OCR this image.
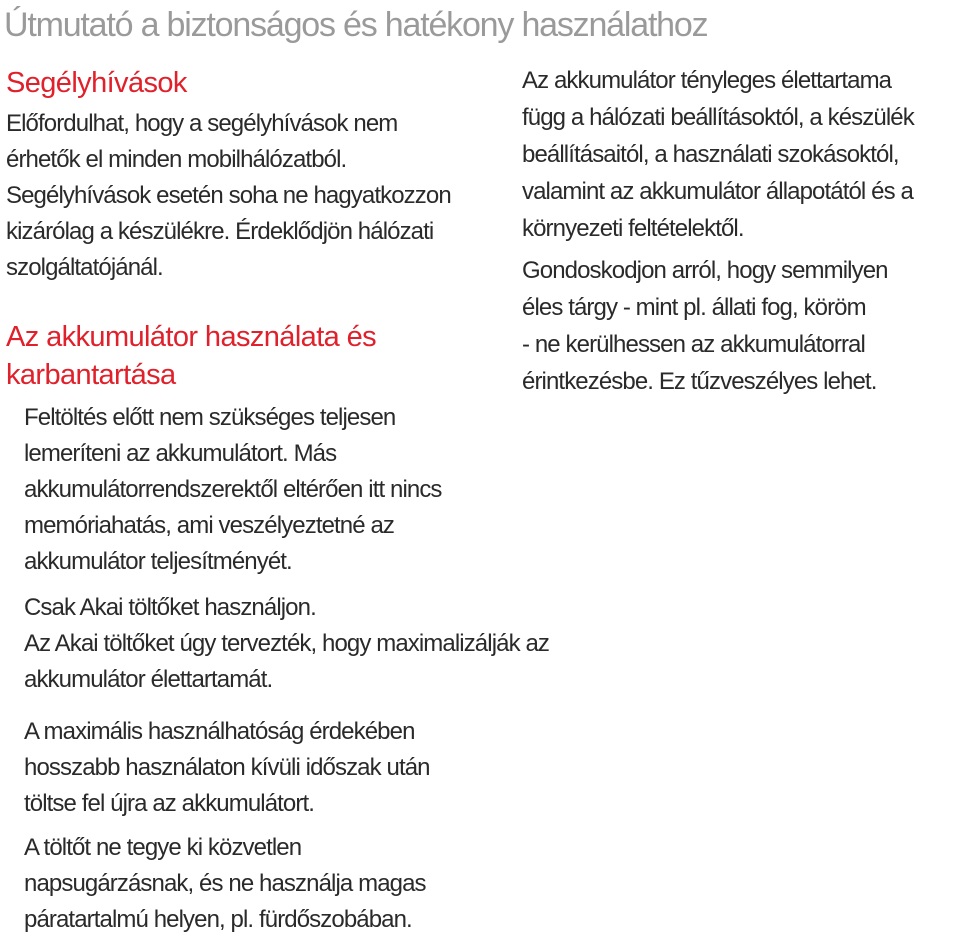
Útmutató a biztonságos és hatékony használathoz
Segélyhívások
Előfordulhat, hogy a segélyhívások nem
érhetők el minden mobilhálózatból.
Segélyhívások esetén soha ne hagyatkozzon
kizárólag a készülékre. Érdeklődjön hálózati
szolgáltatójánál.
Az akkumulátor használata és
karbantartása
Feltöltés előtt nem szükséges teljesen
lemeríteni az akkumulátort. Más
akkumulátorrendszerektől eltérően itt nincs
memóriahatás, ami veszélyeztetné az
akkumulátor teljesítményét.
Csak Akai töltőket használjon.
Az Akai töltőket úgy tervezték, hogy maximalizálják az
akkumulátor élettartamát.
A maximális használhatóság érdekében
hosszabb használaton kívüli időszak után
töltse fel újra az akkumulátort.
A töltőt ne tegye ki közvetlen
napsugárzásnak, és ne használja magas
páratartalmú helyen, pl. fürdőszobában.
Az akkumulátor tényleges élettartama
függ a hálózati beállításoktól, a készülék
beállításaitól, a használati szokásoktól,
valamint az akkumulátor állapotától és a
környezeti feltételektől.
Gondoskodjon arról, hogy semmilyen
éles tárgy - mint pl. állati fog, köröm
- ne kerülhessen az akkumulátorral
érintkezésbe. Ez tűzveszélyes lehet.
